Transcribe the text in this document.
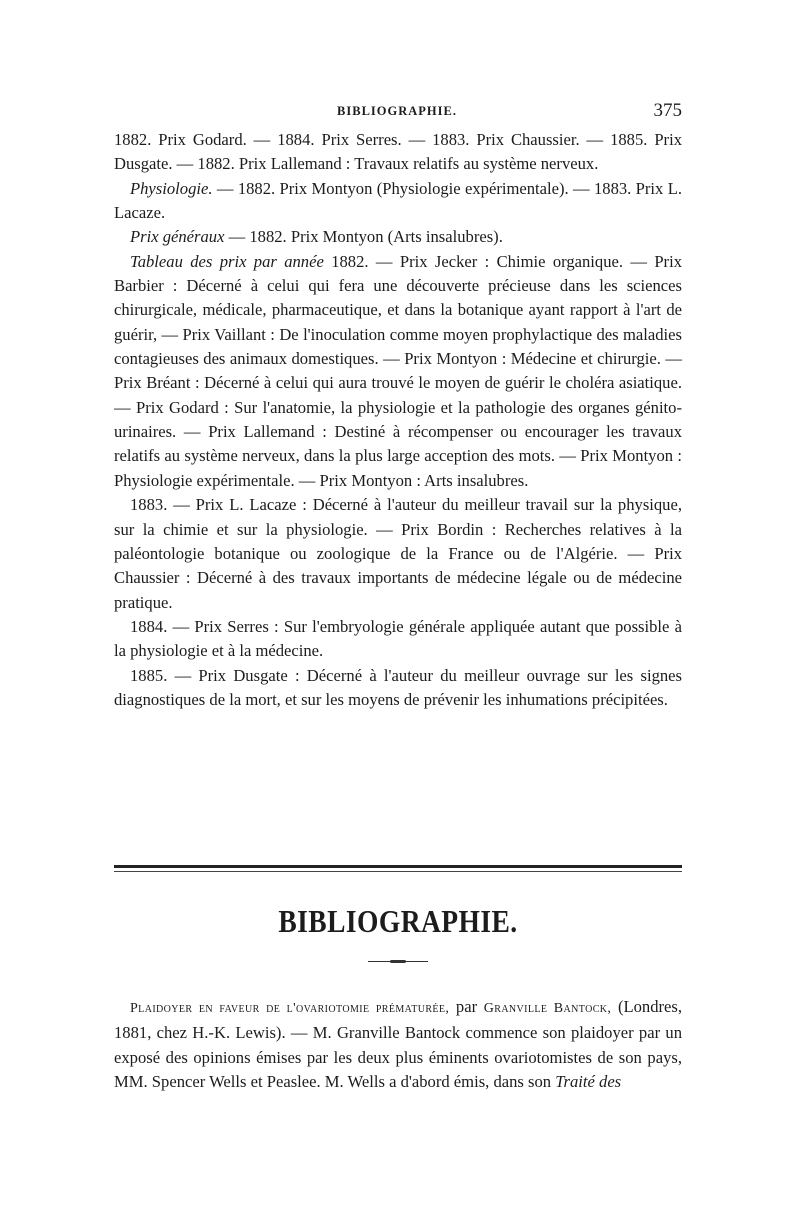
BIBLIOGRAPHIE.	375

1882. Prix Godard. — 1884. Prix Serres. — 1883. Prix Chaussier. — 1885. Prix Dusgate. — 1882. Prix Lallemand : Travaux relatifs au système nerveux.

Physiologie. — 1882. Prix Montyon (Physiologie expérimentale). — 1883. Prix L. Lacaze.

Prix généraux — 1882. Prix Montyon (Arts insalubres).

Tableau des prix par année 1882. — Prix Jecker : Chimie organique. — Prix Barbier : Décerné à celui qui fera une découverte précieuse dans les sciences chirurgicale, médicale, pharmaceutique, et dans la botanique ayant rapport à l'art de guérir, — Prix Vaillant : De l'inoculation comme moyen prophylactique des maladies contagieuses des animaux domestiques. — Prix Montyon : Médecine et chirurgie. — Prix Bréant : Décerné à celui qui aura trouvé le moyen de guérir le choléra asiatique. — Prix Godard : Sur l'anatomie, la physiologie et la pathologie des organes génito-urinaires. — Prix Lallemand : Destiné à récompenser ou encourager les travaux relatifs au système nerveux, dans la plus large acception des mots. — Prix Montyon : Physiologie expérimentale. — Prix Montyon : Arts insalubres.

1883. — Prix L. Lacaze : Décerné à l'auteur du meilleur travail sur la physique, sur la chimie et sur la physiologie. — Prix Bordin : Recherches relatives à la paléontologie botanique ou zoologique de la France ou de l'Algérie. — Prix Chaussier : Décerné à des travaux importants de médecine légale ou de médecine pratique.

1884. — Prix Serres : Sur l'embryologie générale appliquée autant que possible à la physiologie et à la médecine.

1885. — Prix Dusgate : Décerné à l'auteur du meilleur ouvrage sur les signes diagnostiques de la mort, et sur les moyens de prévenir les inhumations précipitées.

BIBLIOGRAPHIE.

Plaidoyer en faveur de l'ovariotomie prématurée, par Granville Bantock, (Londres, 1881, chez H.-K. Lewis). — M. Granville Bantock commence son plaidoyer par un exposé des opinions émises par les deux plus éminents ovariotomistes de son pays, MM. Spencer Wells et Peaslee. M. Wells a d'abord émis, dans son Traité des
